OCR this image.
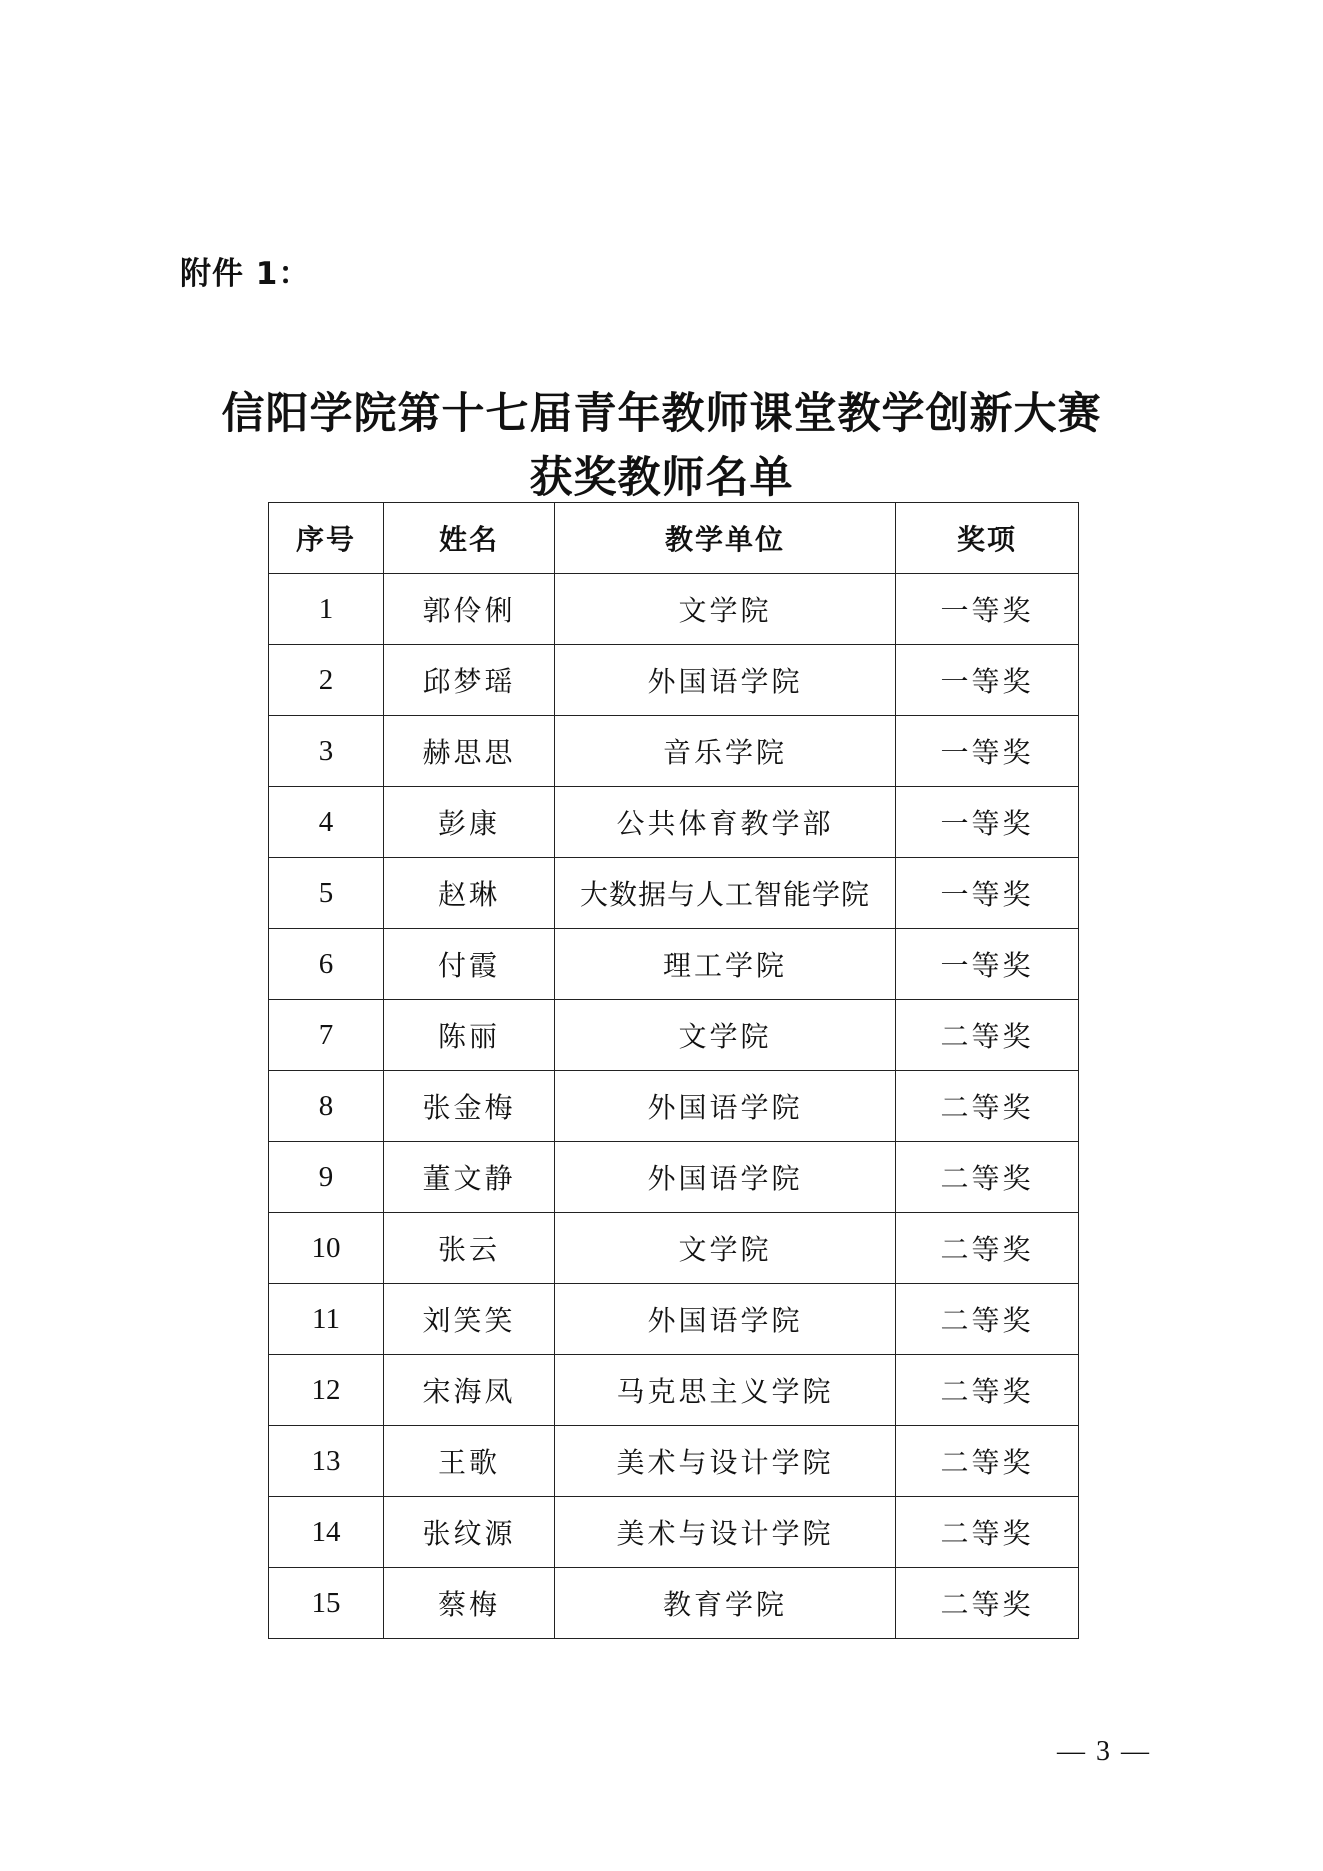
附件 1：
信阳学院第十七届青年教师课堂教学创新大赛
获奖教师名单
序号	姓名	教学单位	奖项
1	郭伶俐	文学院	一等奖
2	邱梦瑶	外国语学院	一等奖
3	赫思思	音乐学院	一等奖
4	彭康	公共体育教学部	一等奖
5	赵琳	大数据与人工智能学院	一等奖
6	付霞	理工学院	一等奖
7	陈丽	文学院	二等奖
8	张金梅	外国语学院	二等奖
9	董文静	外国语学院	二等奖
10	张云	文学院	二等奖
11	刘笑笑	外国语学院	二等奖
12	宋海凤	马克思主义学院	二等奖
13	王歌	美术与设计学院	二等奖
14	张纹源	美术与设计学院	二等奖
15	蔡梅	教育学院	二等奖
— 3 —
